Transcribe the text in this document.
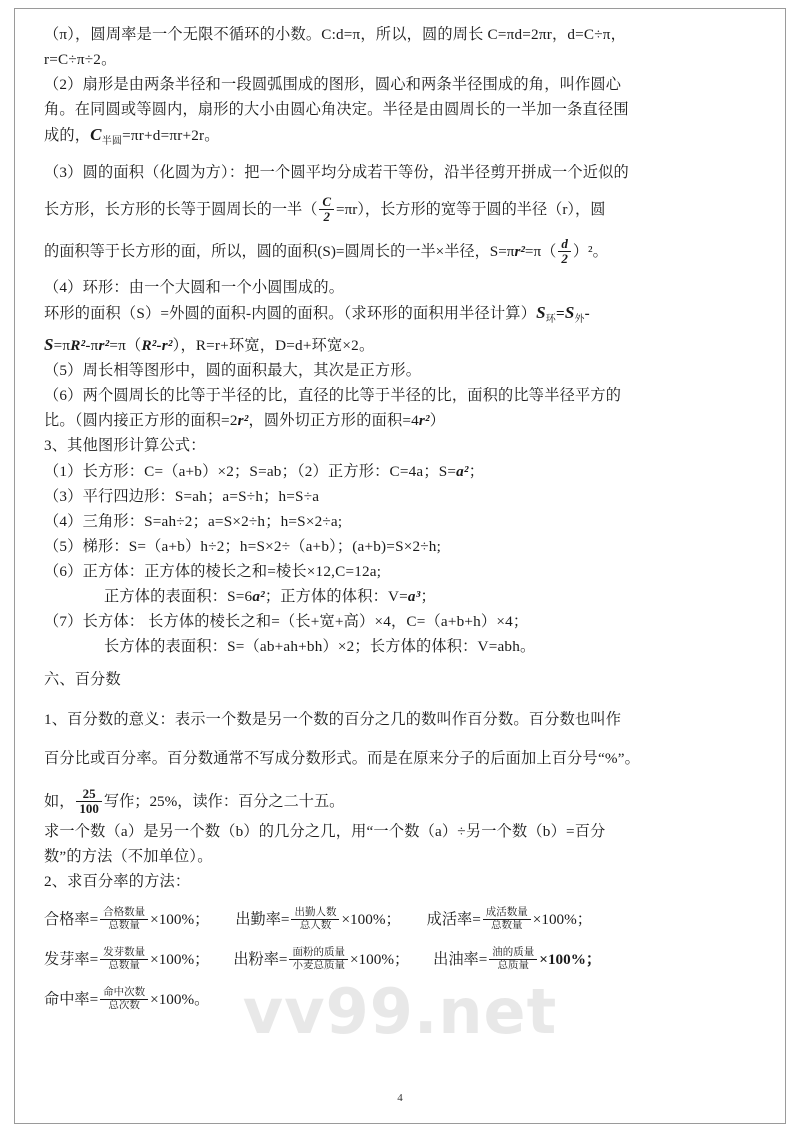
（π），圆周率是一个无限不循环的小数。C:d=π，所以，圆的周长 C=πd=2πr，d=C÷π，
r=C÷π÷2。
（2）扇形是由两条半径和一段圆弧围成的图形，圆心和两条半径围成的角，叫作圆心
角。在同圆或等圆内，扇形的大小由圆心角决定。半径是由圆周长的一半加一条直径围
成的，$C_{半圆}=\pi r+d=\pi r+2r$。
（3）圆的面积（化圆为方）：把一个圆平均分成若干等份，沿半径剪开拼成一个近似的
长方形，长方形的长等于圆周长的一半（ $\frac{C}{2} =\pi r$），长方形的宽等于圆的半径（r），圆
的面积等于长方形的面，所以，圆的面积(S)=圆周长的一半×半径，$S=\pi r^2=\pi( \frac{d}{2} )^2$。
（4）环形：由一个大圆和一个小圆围成的。
环形的面积（S）=外圆的面积-内圆的面积。（求环形的面积用半径计算）$S_环=S_外-$
S=πR²-πr²=π（R²-r²），R=r+环宽，D=d+环宽×2。
（5）周长相等图形中，圆的面积最大，其次是正方形。
（6）两个圆周长的比等于半径的比，直径的比等于半径的比，面积的比等半径平方的
比。（圆内接正方形的面积=2r²，圆外切正方形的面积=4r²）
3、其他图形计算公式：
（1）长方形：C=（a+b）×2；S=ab；（2）正方形：C=4a；S=a²；
（3）平行四边形：S=ah；a=S÷h；h=S÷a
（4）三角形：S=ah÷2；a=S×2÷h；h=S×2÷a;
（5）梯形：S=（a+b）h÷2；h=S×2÷（a+b）；(a+b)=S×2÷h;
（6）正方体：正方体的棱长之和=棱长×12,C=12a;
正方体的表面积：S=6a²；正方体的体积：V=a³；
（7）长方体： 长方体的棱长之和=（长+宽+高）×4，C=（a+b+h）×4；
长方体的表面积：S=（ab+ah+bh）×2；长方体的体积：V=abh。
六、百分数
1、百分数的意义：表示一个数是另一个数的百分之几的数叫作百分数。百分数也叫作
百分比或百分率。百分数通常不写成分数形式。而是在原来分子的后面加上百分号“%”。
如， $\frac{25}{100}$ 写作；25%，读作：百分之二十五。
求一个数（a）是另一个数（b）的几分之几，用“一个数（a）÷另一个数（b）=百分
数”的方法（不加单位）。
2、求百分率的方法：
合格率= $\frac{\text{合格数量}}{\text{总数量}} \times 100\%$； 出勤率= $\frac{\text{出勤人数}}{\text{总人数}} \times 100\%$； 成活率= $\frac{\text{成活数量}}{\text{总数量}} \times 100\%$；
发芽率= $\frac{\text{发芽数量}}{\text{总数量}} \times 100\%$； 出粉率= $\frac{\text{面粉的质量}}{\text{小麦总质量}} \times 100\%$； 出油率= $\frac{\text{油的质量}}{\text{总质量}} \times 100\%$；
命中率= $\frac{\text{命中次数}}{\text{总次数}} \times 100\%$。 vv99.net
4
